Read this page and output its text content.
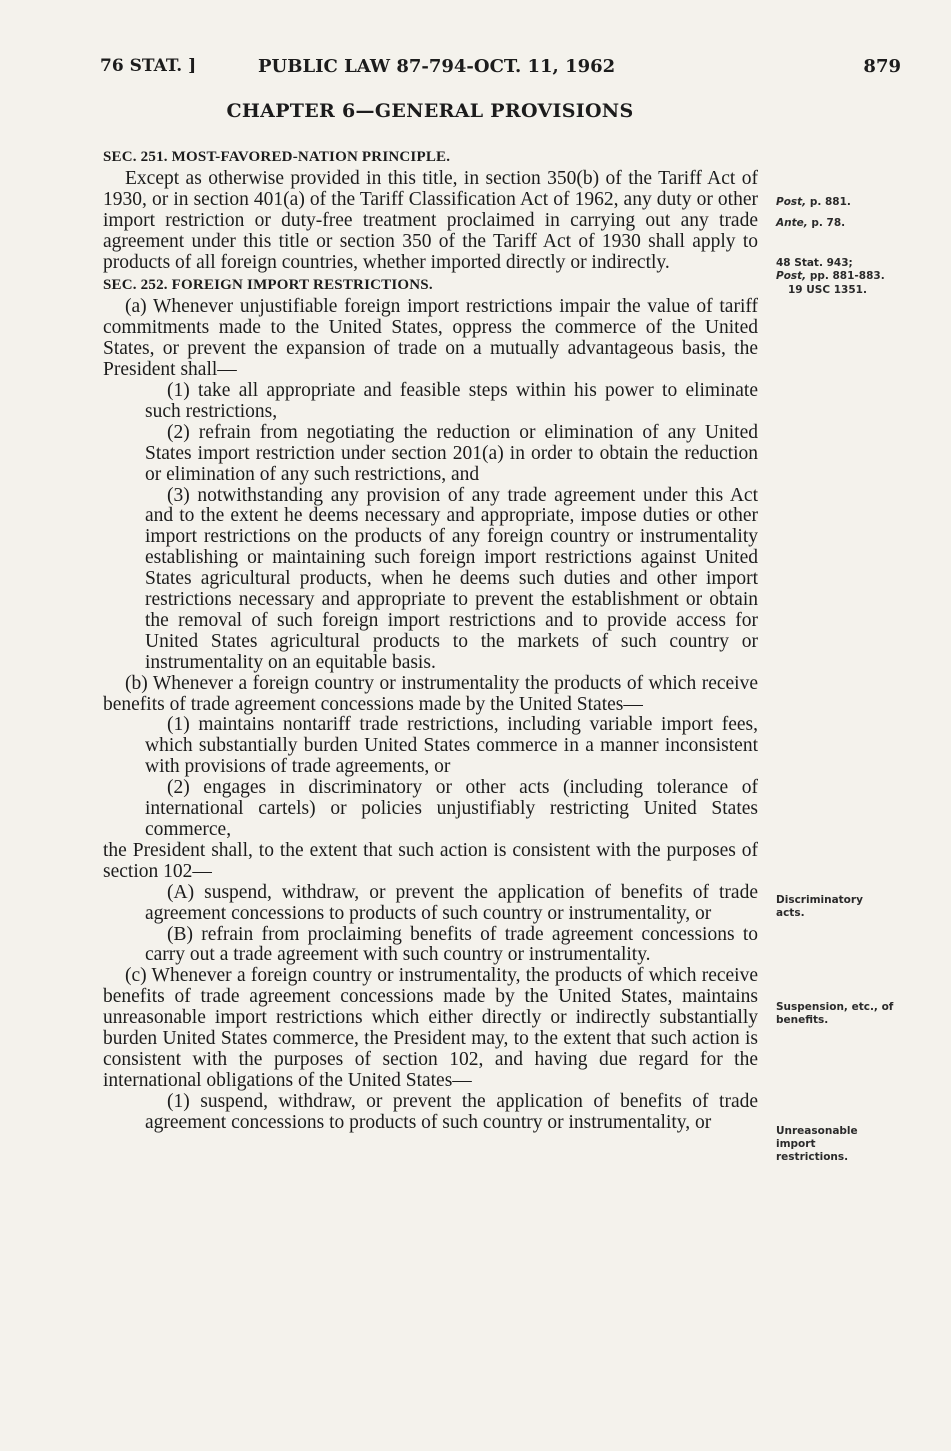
76 STAT. ]	PUBLIC LAW 87-794-OCT. 11, 1962	879
CHAPTER 6—GENERAL PROVISIONS
SEC. 251. MOST-FAVORED-NATION PRINCIPLE.

Except as otherwise provided in this title, in section 350(b) of the Tariff Act of 1930, or in section 401(a) of the Tariff Classification Act of 1962, any duty or other import restriction or duty-free treatment proclaimed in carrying out any trade agreement under this title or section 350 of the Tariff Act of 1930 shall apply to products of all foreign countries, whether imported directly or indirectly.

SEC. 252. FOREIGN IMPORT RESTRICTIONS.

(a) Whenever unjustifiable foreign import restrictions impair the value of tariff commitments made to the United States, oppress the commerce of the United States, or prevent the expansion of trade on a mutually advantageous basis, the President shall—

(1) take all appropriate and feasible steps within his power to eliminate such restrictions,

(2) refrain from negotiating the reduction or elimination of any United States import restriction under section 201(a) in order to obtain the reduction or elimination of any such restrictions, and

(3) notwithstanding any provision of any trade agreement under this Act and to the extent he deems necessary and appropriate, impose duties or other import restrictions on the products of any foreign country or instrumentality establishing or maintaining such foreign import restrictions against United States agricultural products, when he deems such duties and other import restrictions necessary and appropriate to prevent the establishment or obtain the removal of such foreign import restrictions and to provide access for United States agricultural products to the markets of such country or instrumentality on an equitable basis.

(b) Whenever a foreign country or instrumentality the products of which receive benefits of trade agreement concessions made by the United States—

(1) maintains nontariff trade restrictions, including variable import fees, which substantially burden United States commerce in a manner inconsistent with provisions of trade agreements, or

(2) engages in discriminatory or other acts (including tolerance of international cartels) or policies unjustifiably restricting United States commerce,

the President shall, to the extent that such action is consistent with the purposes of section 102—

(A) suspend, withdraw, or prevent the application of benefits of trade agreement concessions to products of such country or instrumentality, or

(B) refrain from proclaiming benefits of trade agreement concessions to carry out a trade agreement with such country or instrumentality.

(c) Whenever a foreign country or instrumentality, the products of which receive benefits of trade agreement concessions made by the United States, maintains unreasonable import restrictions which either directly or indirectly substantially burden United States commerce, the President may, to the extent that such action is consistent with the purposes of section 102, and having due regard for the international obligations of the United States—

(1) suspend, withdraw, or prevent the application of benefits of trade agreement concessions to products of such country or instrumentality, or

Post, p. 881.
Ante, p. 78.
48 Stat. 943;
Post, pp. 881-883.
19 USC 1351.
Discriminatory acts.
Suspension, etc., of benefits.
Unreasonable import restrictions.
